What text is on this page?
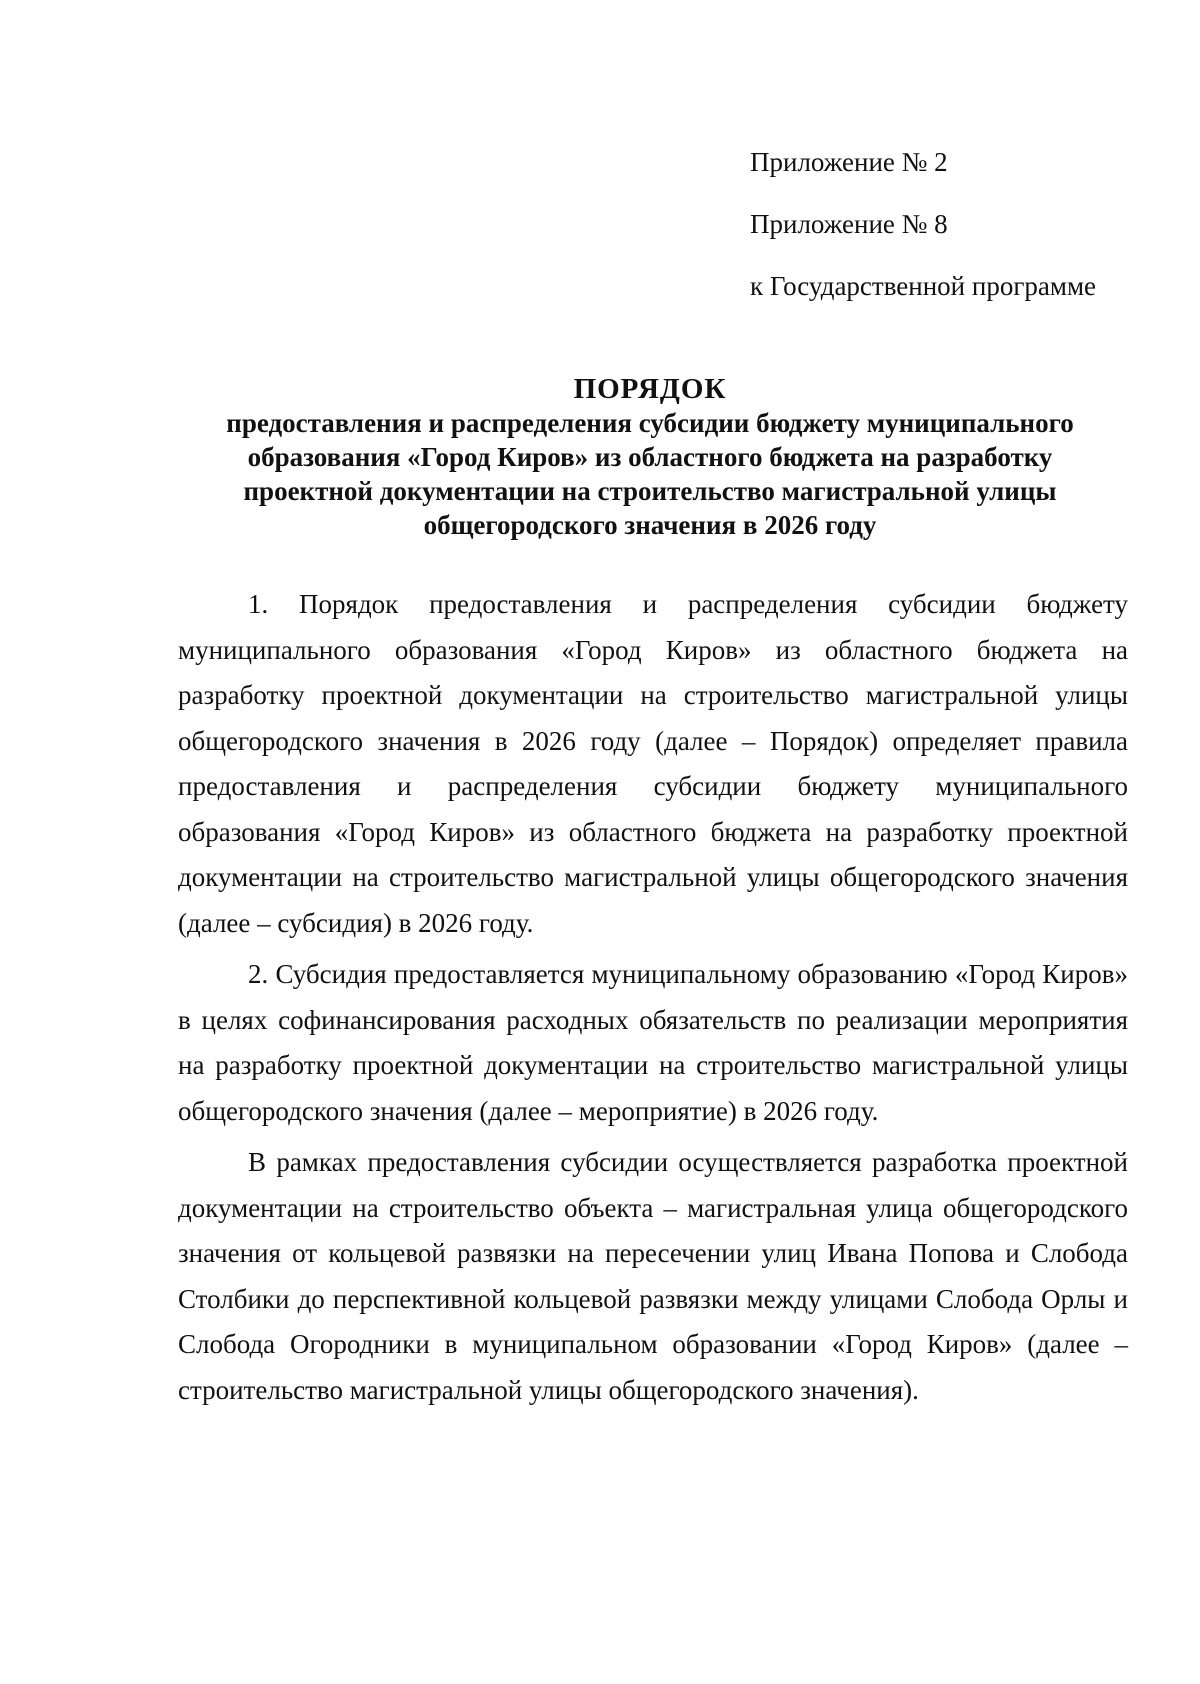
Приложение № 2
Приложение № 8
к Государственной программе
ПОРЯДОК
предоставления и распределения субсидии бюджету муниципального
образования «Город Киров» из областного бюджета на разработку
проектной документации на строительство магистральной улицы
общегородского значения в 2026 году

1. Порядок предоставления и распределения субсидии бюджету муниципального образования «Город Киров» из областного бюджета на разработку проектной документации на строительство магистральной улицы общегородского значения в 2026 году (далее – Порядок) определяет правила предоставления и распределения субсидии бюджету муниципального образования «Город Киров» из областного бюджета на разработку проектной документации на строительство магистральной улицы общегородского значения (далее – субсидия) в 2026 году.

2. Субсидия предоставляется муниципальному образованию «Город Киров» в целях софинансирования расходных обязательств по реализации мероприятия на разработку проектной документации на строительство магистральной улицы общегородского значения (далее – мероприятие) в 2026 году.

В рамках предоставления субсидии осуществляется разработка проектной документации на строительство объекта – магистральная улица общегородского значения от кольцевой развязки на пересечении улиц Ивана Попова и Слобода Столбики до перспективной кольцевой развязки между улицами Слобода Орлы и Слобода Огородники в муниципальном образовании «Город Киров» (далее – строительство магистральной улицы общегородского значения).
